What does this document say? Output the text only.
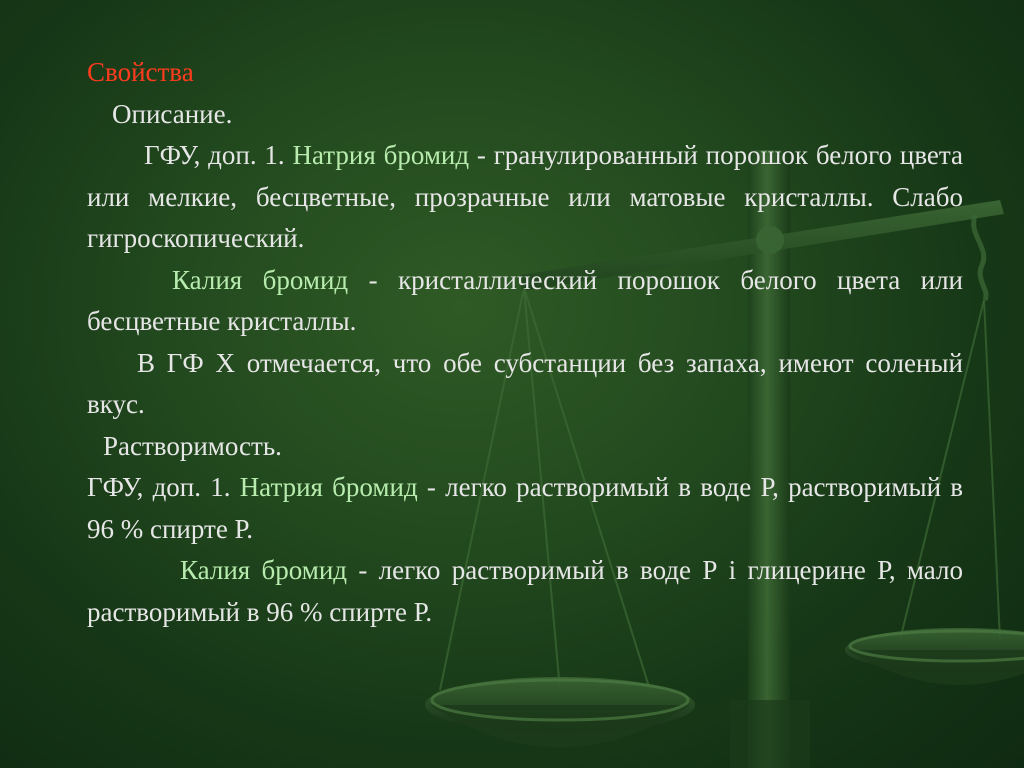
Свойства

Описание.

ГФУ, доп. 1. Натрия бромид - гранулированный порошок белого цвета или мелкие, бесцветные, прозрачные или матовые кристаллы. Слабо гигроскопический.

Калия бромид - кристаллический порошок белого цвета или бесцветные кристаллы.

В ГФ Х отмечается, что обе субстанции без запаха, имеют соленый вкус.

Растворимость.

ГФУ, доп. 1. Натрия бромид - легко растворимый в воде Р, растворимый в 96 % спирте Р.

Калия бромид - легко растворимый в воде Р і глицерине Р, мало растворимый в 96 % спирте Р.
